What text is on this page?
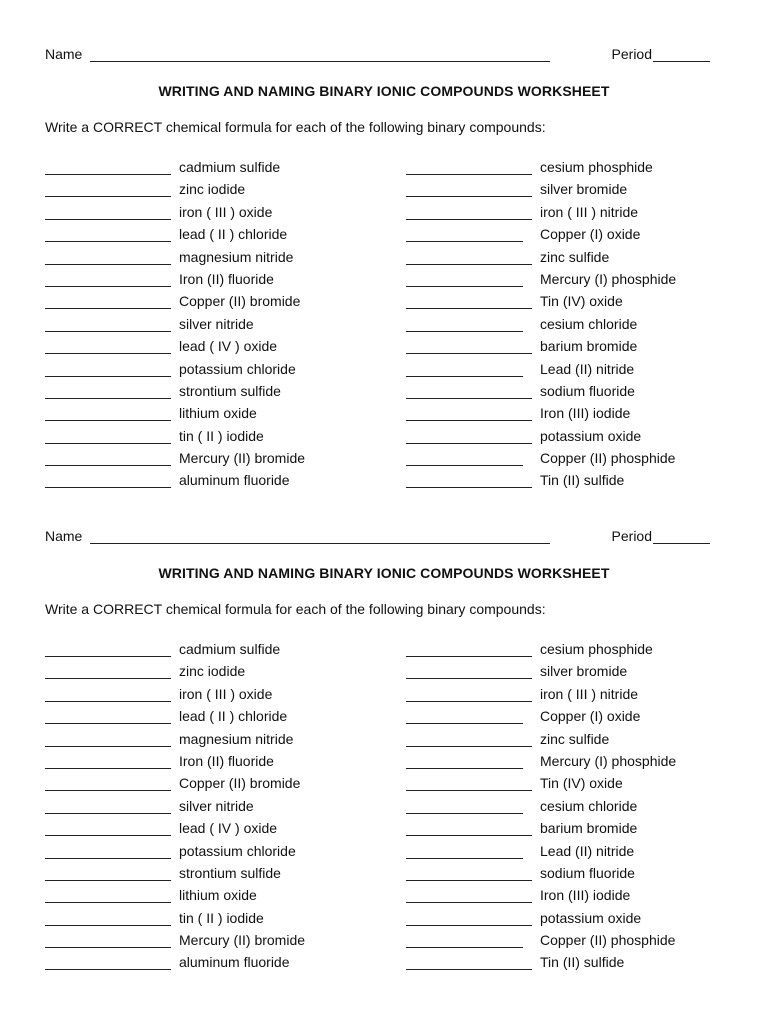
Name	Period
WRITING AND NAMING BINARY IONIC COMPOUNDS WORKSHEET
Write a CORRECT chemical formula for each of the following binary compounds:
cadmium sulfide
zinc iodide
iron ( III ) oxide
lead ( II ) chloride
magnesium nitride
Iron (II) fluoride
Copper (II) bromide
silver nitride
lead ( IV ) oxide
potassium chloride
strontium sulfide
lithium oxide
tin ( II ) iodide
Mercury (II) bromide
aluminum fluoride
cesium phosphide
silver bromide
iron ( III ) nitride
Copper (I) oxide
zinc sulfide
Mercury (I) phosphide
Tin (IV) oxide
cesium chloride
barium bromide
Lead (II) nitride
sodium fluoride
Iron (III) iodide
potassium oxide
Copper (II) phosphide
Tin (II) sulfide
Name	Period
WRITING AND NAMING BINARY IONIC COMPOUNDS WORKSHEET
Write a CORRECT chemical formula for each of the following binary compounds:
cadmium sulfide
zinc iodide
iron ( III ) oxide
lead ( II ) chloride
magnesium nitride
Iron (II) fluoride
Copper (II) bromide
silver nitride
lead ( IV ) oxide
potassium chloride
strontium sulfide
lithium oxide
tin ( II ) iodide
Mercury (II) bromide
aluminum fluoride
cesium phosphide
silver bromide
iron ( III ) nitride
Copper (I) oxide
zinc sulfide
Mercury (I) phosphide
Tin (IV) oxide
cesium chloride
barium bromide
Lead (II) nitride
sodium fluoride
Iron (III) iodide
potassium oxide
Copper (II) phosphide
Tin (II) sulfide
